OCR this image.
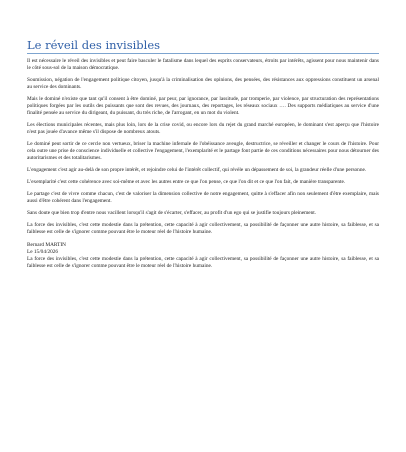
Le réveil des invisibles

Il est nécessaire le réveil des invisibles et peut faire basculer le fatalisme dans lequel des esprits conservateurs, étroits par intérêts, agissent pour nous maintenir dans le côté sous-sol de la maison démocratique.

Soumission, négation de l'engagement politique citoyen, jusqu'à la criminalisation des opinions, des pensées, des résistances aux oppressions constituent un arsenal au service des dominants.

Mais le dominé n'existe que tant qu'il consent à être dominé, par peur, par ignorance, par lassitude, par tromperie, par violence, par structuration des représentations politiques forgées par les outils des puissants que sont des revues, des journaux, des reportages, les réseaux sociaux …. Des supports médiatiques au service d'une finalité pensée au service du dirigeant, du puissant, du très riche, de l'arrogant, en un mot du violent.

Les élections municipales récentes, mais plus loin, lors de la crise covid, ou encore lors du rejet du grand marché européen, le dominant s'est aperçu que l'histoire n'est pas jouée d'avance même s'il dispose de nombreux atouts.

Le dominé peut sortir de ce cercle non vertueux, briser la machine infernale de l'obéissance aveugle, destructrice, se réveiller et changer le cours de l'histoire. Pour cela outre une prise de conscience individuelle et collective l'engagement, l'exemplarité et le partage font partie de ces conditions nécessaires pour nous détourner des autoritarismes et des totalitarismes.

L'engagement c'est agir au-delà de son propre intérêt, et rejoindre celui de l'intérêt collectif, qui révèle un dépassement de soi, la grandeur réelle d'une personne.

L'exemplarité c'est cette cohérence avec soi-même et avec les autres entre ce que l'on pense, ce que l'on dit et ce que l'on fait, de manière transparente.

Le partage c'est de vivre comme chacun, c'est de valoriser la dimension collective de notre engagement, quitte à s'effacer afin non seulement d'être exemplaire, mais aussi d'être cohérent dans l'engagement.

Sans doute que bien trop d'entre nous vacillent lorsqu'il s'agit de s'écarter, s'effacer, au profit d'un ego qui se justifie toujours pleinement.

La force des invisibles, c'est cette modestie dans la prétention, cette capacité à agir collectivement, sa possibilité de façonner une autre histoire, sa faiblesse, et sa faiblesse est celle de s'ignorer comme pouvant être le moteur réel de l'histoire humaine.

Bernard MARTIN
Le 15/04/2026

La force des invisibles, c'est cette modestie dans la prétention, cette capacité à agir collectivement, sa possibilité de façonner une autre histoire, sa faiblesse, et sa faiblesse est celle de s'ignorer comme pouvant être le moteur réel de l'histoire humaine.
